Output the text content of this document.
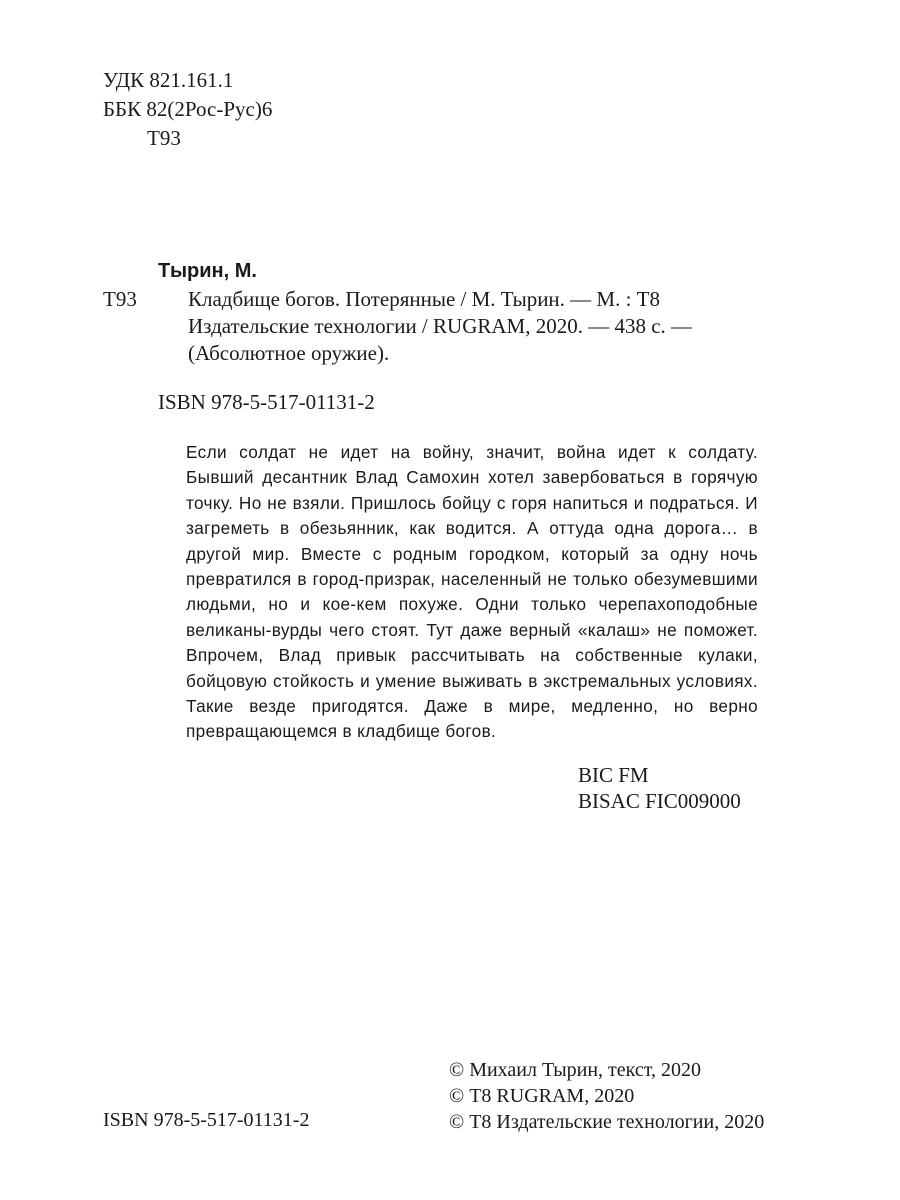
УДК 821.161.1
ББК 82(2Рос-Рус)6
Т93
Тырин, М.
Т93	Кладбище богов. Потерянные / М. Тырин. — М. : Т8 Издательские технологии / RUGRAM, 2020. — 438 с. — (Абсолютное оружие).
ISBN 978-5-517-01131-2
Если солдат не идет на войну, значит, война идет к солдату. Бывший десантник Влад Самохин хотел завербоваться в горячую точку. Но не взяли. Пришлось бойцу с горя напиться и подраться. И загреметь в обезьянник, как водится. А оттуда одна дорога… в другой мир. Вместе с родным городком, который за одну ночь превратился в город-призрак, населенный не только обезумевшими людьми, но и кое-кем похуже. Одни только черепахоподобные великаны-вурды чего стоят. Тут даже верный «калаш» не поможет. Впрочем, Влад привык рассчитывать на собственные кулаки, бойцовую стойкость и умение выживать в экстремальных условиях. Такие везде пригодятся. Даже в мире, медленно, но верно превращающемся в кладбище богов.
BIC FM
BISAC FIC009000
ISBN 978-5-517-01131-2
© Михаил Тырин, текст, 2020
© Т8 RUGRAM, 2020
© Т8 Издательские технологии, 2020
